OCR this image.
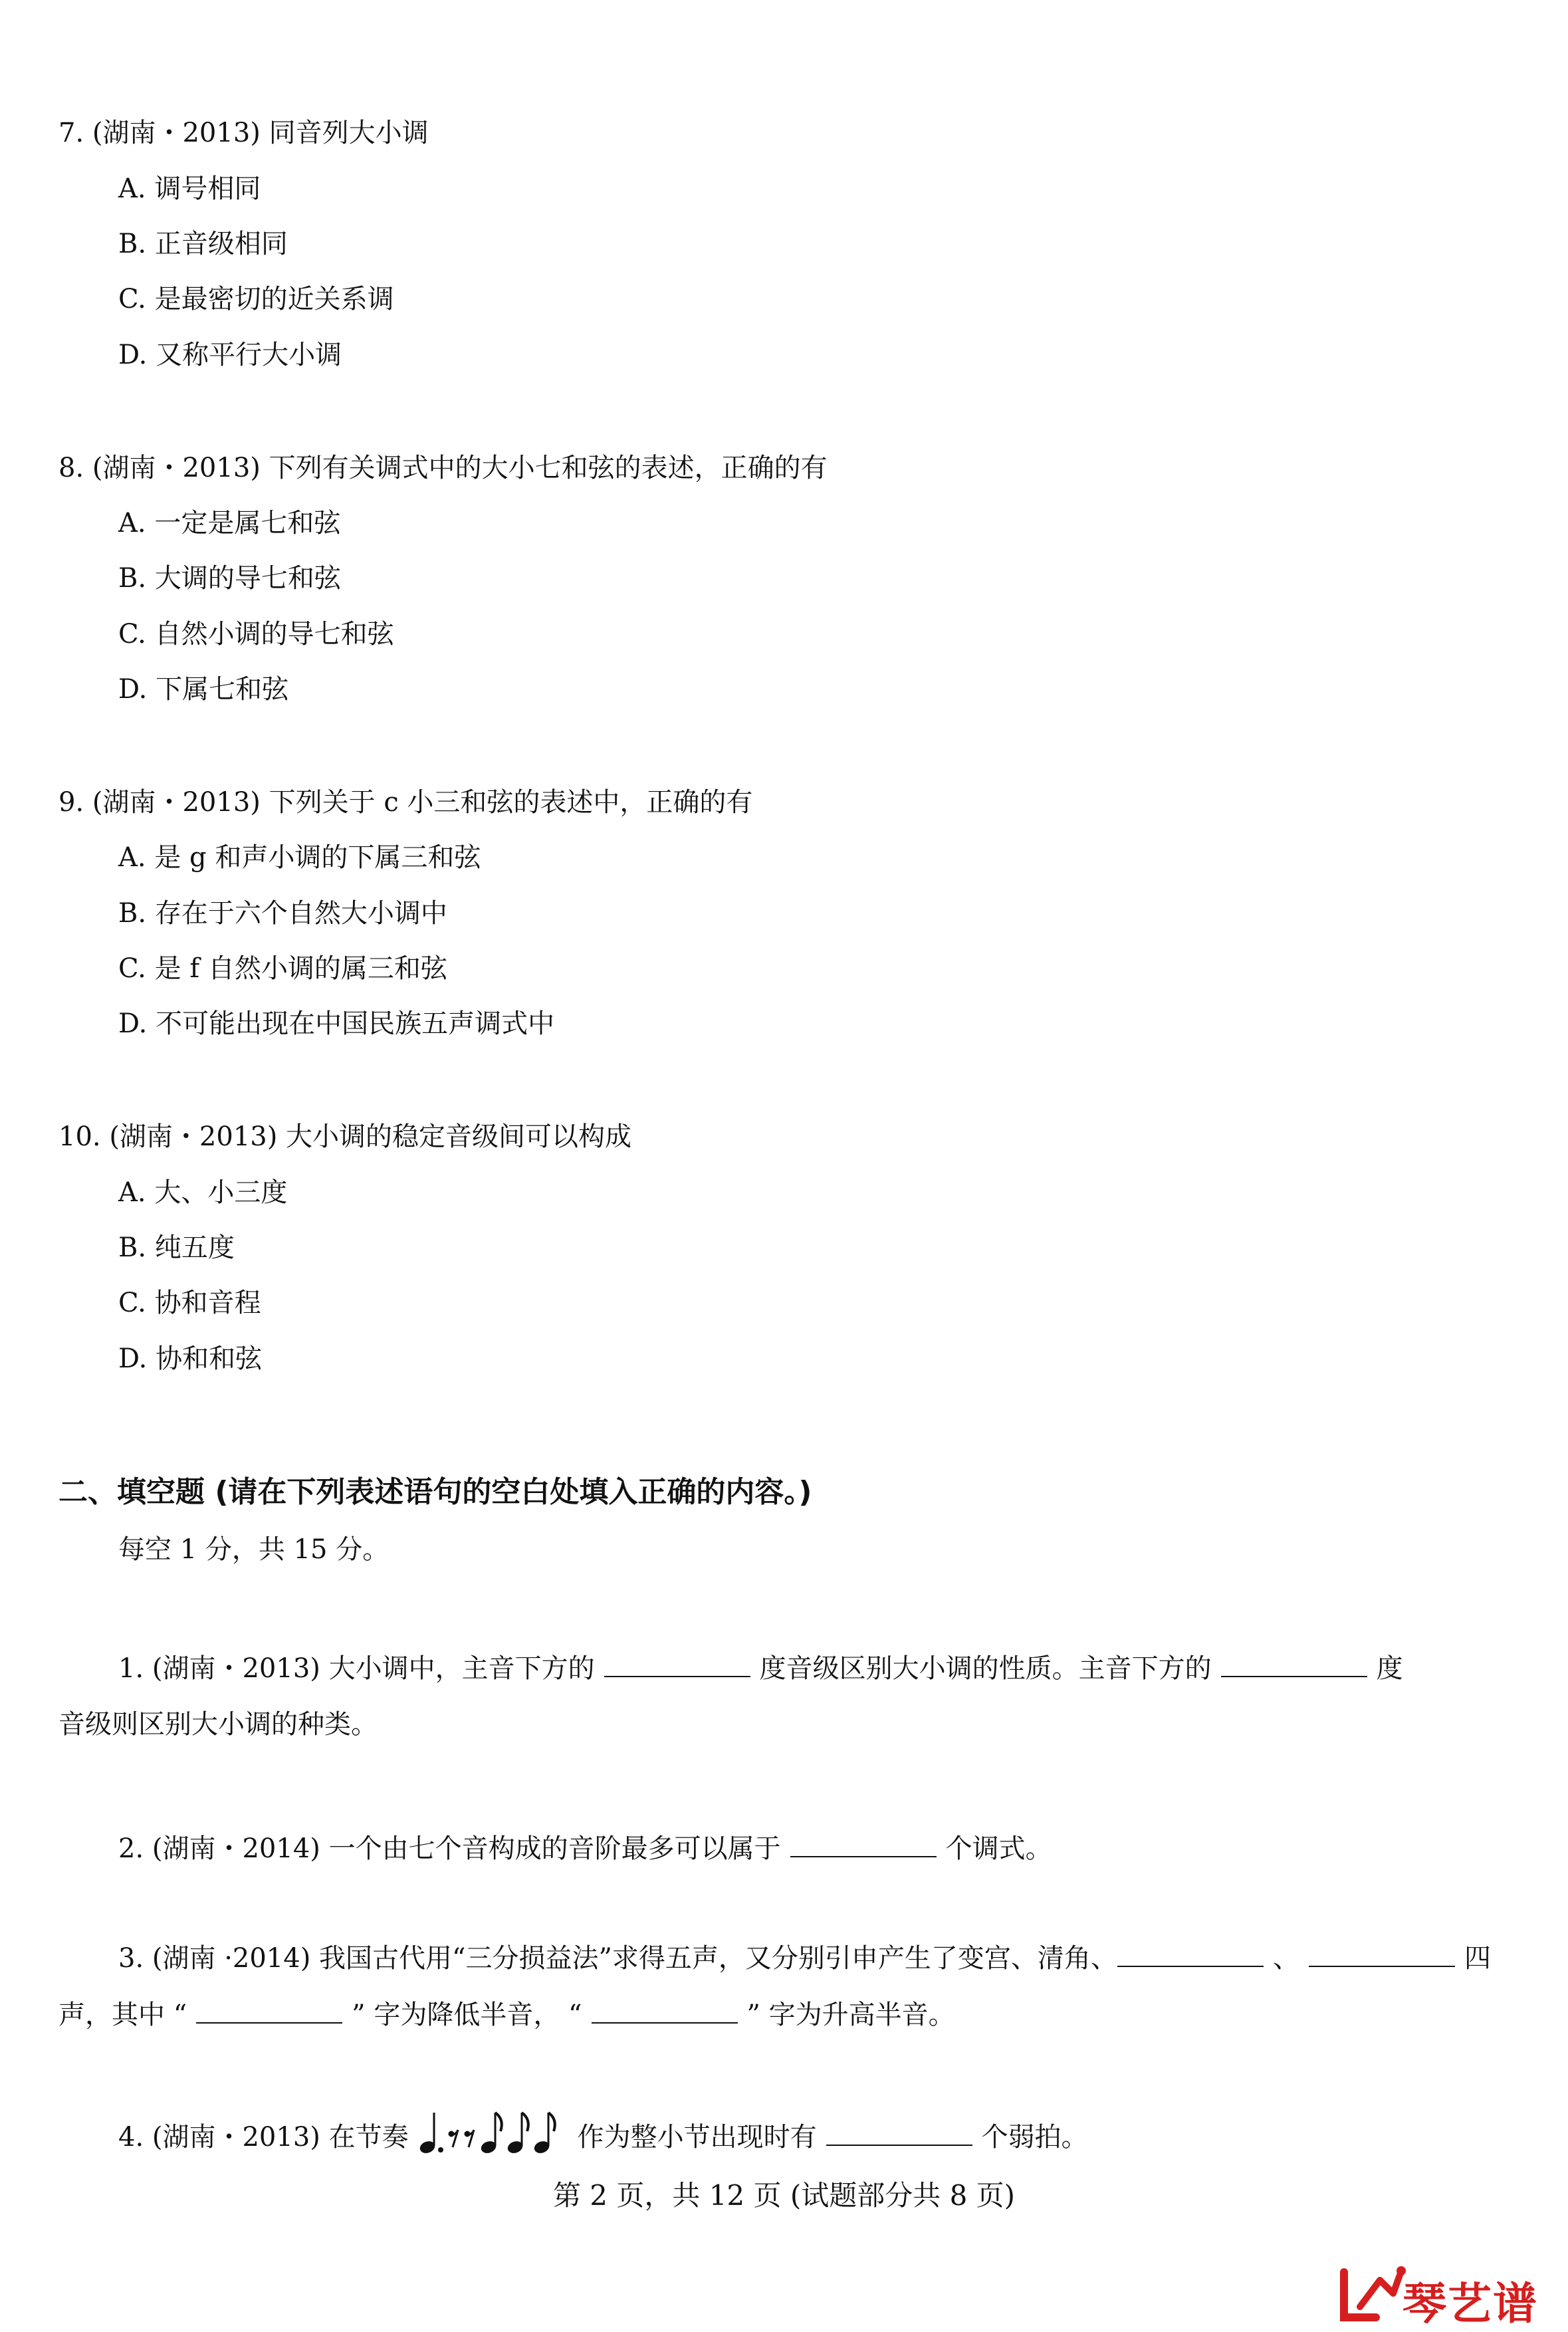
7. (湖南・2013) 同音列大小调
A. 调号相同
B. 正音级相同
C. 是最密切的近关系调
D. 又称平行大小调
8. (湖南・2013) 下列有关调式中的大小七和弦的表述，正确的有
A. 一定是属七和弦
B. 大调的导七和弦
C. 自然小调的导七和弦
D. 下属七和弦
9. (湖南・2013) 下列关于 c 小三和弦的表述中，正确的有
A. 是 g 和声小调的下属三和弦
B. 存在于六个自然大小调中
C. 是 f 自然小调的属三和弦
D. 不可能出现在中国民族五声调式中
10. (湖南・2013) 大小调的稳定音级间可以构成
A. 大、小三度
B. 纯五度
C. 协和音程
D. 协和和弦
二、填空题 (请在下列表述语句的空白处填入正确的内容。)
每空 1 分，共 15 分。
1. (湖南・2013) 大小调中，主音下方的	度音级区别大小调的性质。主音下方的	度
音级则区别大小调的种类。
2. (湖南・2014) 一个由七个音构成的音阶最多可以属于	个调式。
3. (湖南 ·2014) 我国古代用“三分损益法”求得五声，又分别引申产生了变宫、清角、	、	四
声，其中 “	” 字为降低半音， “	” 字为升高半音。
4. (湖南・2013) 在节奏	作为整小节出现时有	个弱拍。
第 2 页，共 12 页 (试题部分共 8 页)
琴艺谱
